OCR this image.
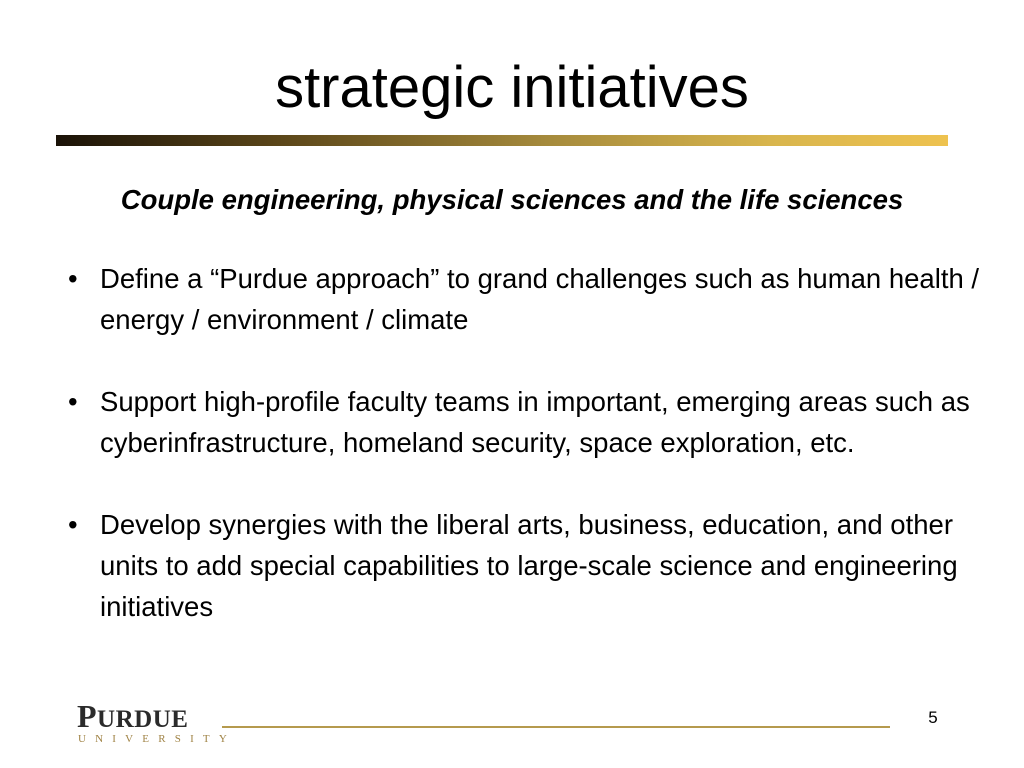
strategic initiatives

Couple engineering, physical sciences and the life sciences

• Define a “Purdue approach” to grand challenges such as human health / energy / environment / climate
• Support high-profile faculty teams in important, emerging areas such as cyberinfrastructure, homeland security, space exploration, etc.
• Develop synergies with the liberal arts, business, education, and other units to add special capabilities to large-scale science and engineering initiatives
PURDUE
UNIVERSITY
5
